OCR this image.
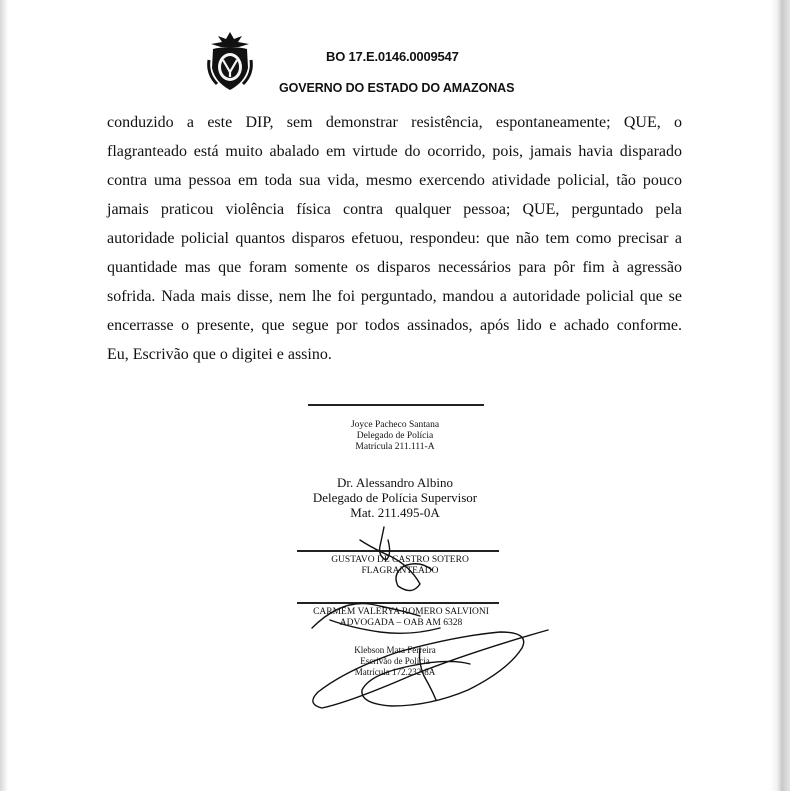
BO 17.E.0146.0009547
GOVERNO DO ESTADO DO AMAZONAS
conduzido a este DIP, sem demonstrar resistência, espontaneamente; QUE, o
flagranteado está muito abalado em virtude do ocorrido, pois, jamais havia disparado
contra uma pessoa em toda sua vida, mesmo exercendo atividade policial, tão pouco
jamais praticou violência física contra qualquer pessoa; QUE, perguntado pela
autoridade policial quantos disparos efetuou, respondeu: que não tem como precisar a
quantidade mas que foram somente os disparos necessários para pôr fim à agressão
sofrida. Nada mais disse, nem lhe foi perguntado, mandou a autoridade policial que se
encerrasse o presente, que segue por todos assinados, após lido e achado conforme.
Eu, Escrivão que o digitei e assino.
Joyce Pacheco Santana
Delegado de Polícia
Matrícula 211.111-A
Dr. Alessandro Albino
Delegado de Polícia Supervisor
Mat. 211.495-0A
GUSTAVO DE CASTRO SOTERO
FLAGRANTEADO
CARMEM VALERYA ROMERO SALVIONI
ADVOGADA – OAB AM 6328
Klebson Mata Ferreira
Escrivão de Polícia
Matrícula 172.232-8A
